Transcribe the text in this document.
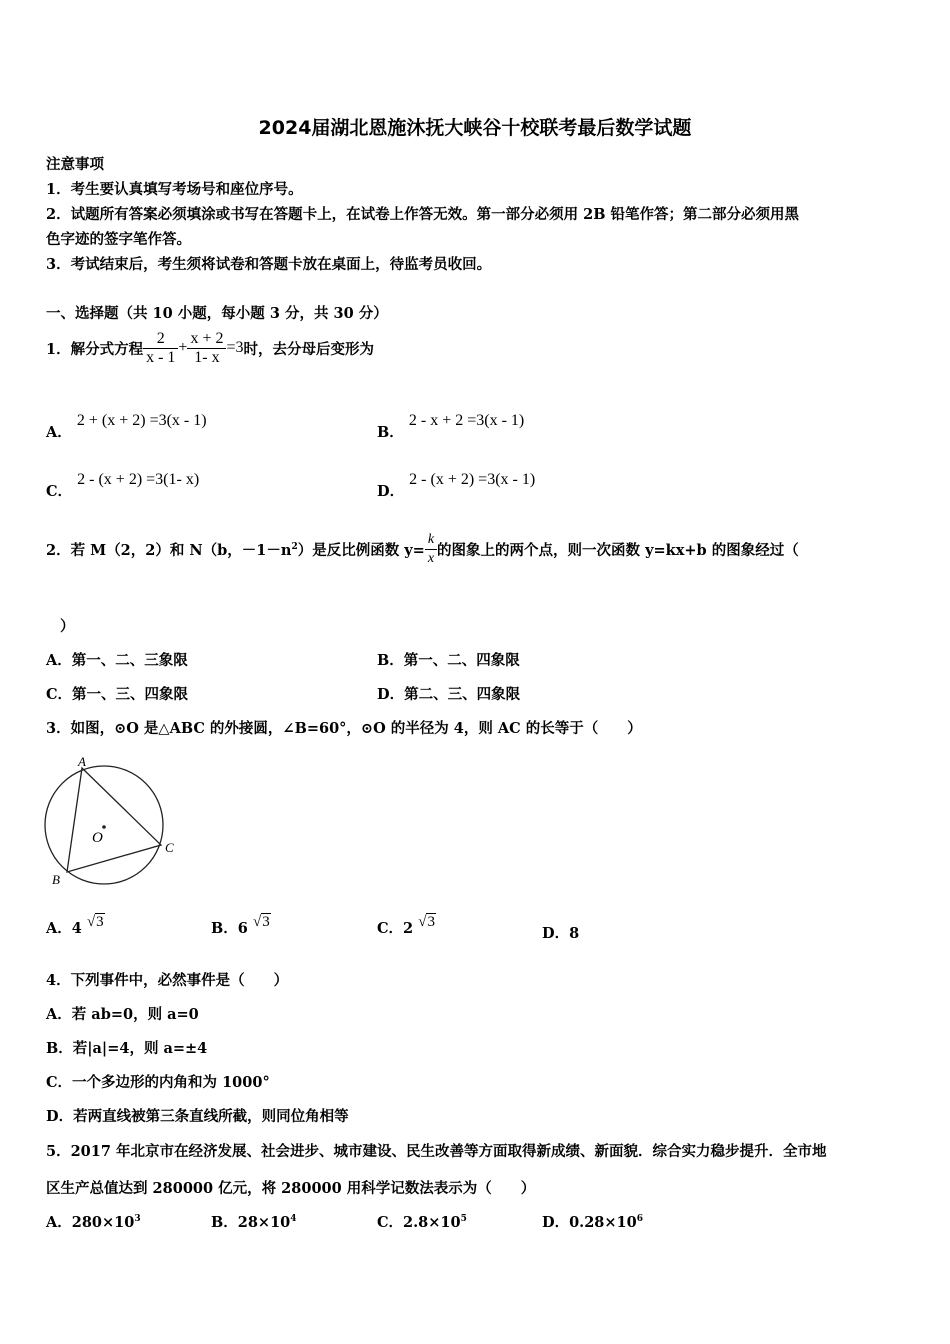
2024届湖北恩施沐抚大峡谷十校联考最后数学试题
注意事项
1．考生要认真填写考场号和座位序号。
2．试题所有答案必须填涂或书写在答题卡上，在试卷上作答无效。第一部分必须用 2B 铅笔作答；第二部分必须用黑
色字迹的签字笔作答。
3．考试结束后，考生须将试卷和答题卡放在桌面上，待监考员收回。
一、选择题（共 10 小题，每小题 3 分，共 30 分）
1．解分式方程 $\frac{2}{x - 1} + \frac{x + 2}{1- x} =3$ 时，去分母后变形为
A． 2 + (x + 2) =3(x - 1)
B． 2 - x + 2 =3(x - 1)
C． 2 - (x + 2) =3(1- x)
D． 2 - (x + 2) =3(x - 1)
2．若 M（2，2）和 N（b，$-1-n^2$ ）是反比例函数 $y= \frac{k}{x}$ 的图象上的两个点，则一次函数 y=kx+b 的图象经过（
）
A．第一、二、三象限	B．第一、二、四象限
C．第一、三、四象限	D．第二、三、四象限
3．如图，⊙O 是△ABC 的外接圆，∠B=60°，⊙O 的半径为 4，则 AC 的长等于（　　）
A
B
C
O
A．4 √3	B．6 √3	C．2 √3
D．8
4．下列事件中，必然事件是（　　）
A．若 ab=0，则 a=0
B．若|a|=4，则 a=±4
C．一个多边形的内角和为 1000°
D．若两直线被第三条直线所截，则同位角相等
5．2017 年北京市在经济发展、社会进步、城市建设、民生改善等方面取得新成绩、新面貌．综合实力稳步提升．全市地
区生产总值达到 280000 亿元，将 280000 用科学记数法表示为（　　）
A．$280\times 10^3$	B．$28\times 10^4$	C．$2.8\times 10^5$	D．$0.28\times 10^6$
